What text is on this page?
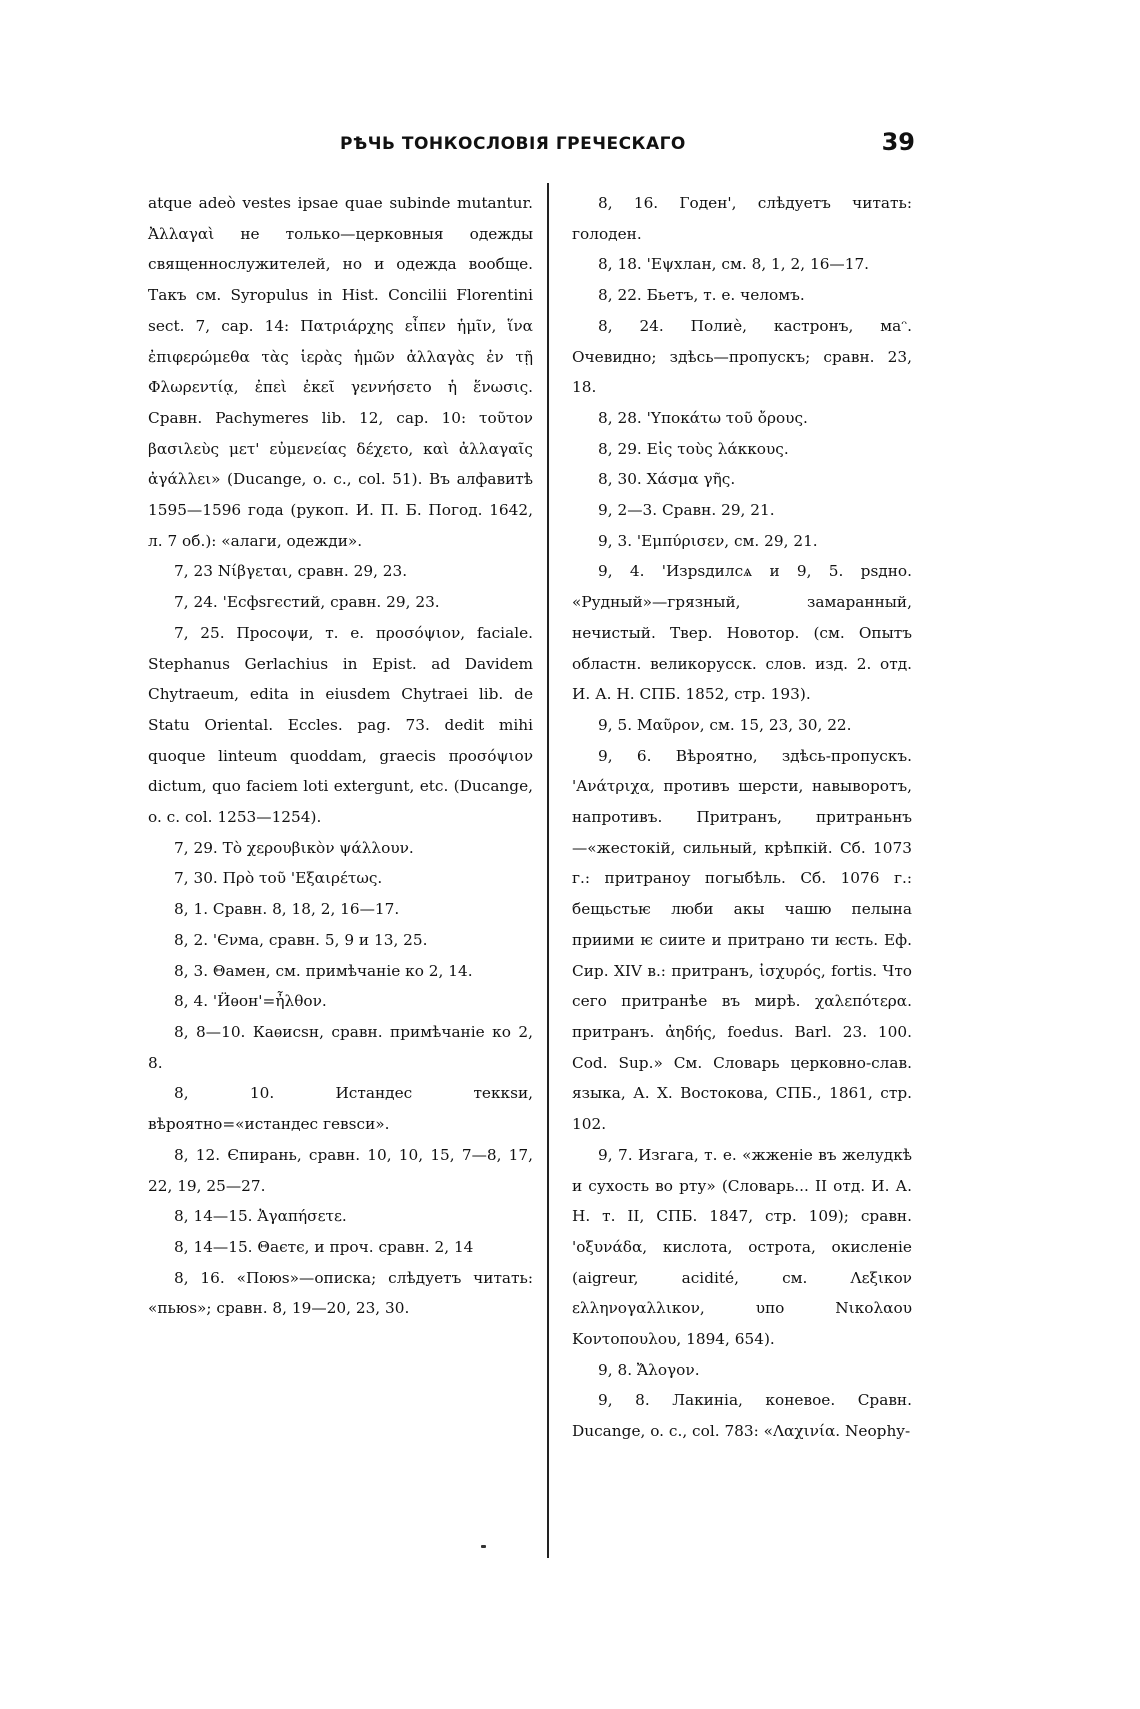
РѢЧЬ ТОНКОСЛОВІЯ ГРЕЧЕСКАГО	39

atque adeò vestes ipsae quae subinde mutantur. Ἀλλαγαὶ не только—церковныя одежды священнослужителей, но и одежда вообще. Такъ см. Syropulus in Hist. Concilii Florentini sect. 7, cap. 14: Πατριάρχης εἶπεν ἡμῖν, ἵνα ἐπιφερώμεθα τὰς ἱερὰς ἡμῶν ἀλλαγὰς ἐν τῇ Φλωρεντίᾳ, ἐπεὶ ἐκεῖ γεννήσετο ἡ ἕνωσις. Сравн. Pachymeres lib. 12, cap. 10: τοῦτον βασιλεὺς μετ' εὐμενείας δέχετο, καὶ ἀλλαγαῖς ἀγάλλει» (Ducange, o. c., col. 51). Въ алфавитѣ 1595—1596 года (рукоп. И. П. Б. Погод. 1642, л. 7 об.): «алаги, одежди».

7, 23 Νίβγεται, сравн. 29, 23.

7, 24. 'Есфѕгєстий, сравн. 29, 23.

7, 25. Просоψи, т. е. προσόψιον, faciale. Stephanus Gerlachius in Epist. ad Davidem Chytraeum, edita in eiusdem Chytraei lib. de Statu Oriental. Eccles. pag. 73. dedit mihi quoque linteum quoddam, graecis προσόψιον dictum, quo faciem loti extergunt, etc. (Ducange, o. c. col. 1253—1254).

7, 29. Τὸ χερουβικὸν ψάλλουν.

7, 30. Πρὸ τοῦ 'Εξαιρέτως.

8, 1. Сравн. 8, 18, 2, 16—17.

8, 2. 'Єνма, сравн. 5, 9 и 13, 25.

8, 3. Θамен, см. примѣчаніе ко 2, 14.

8, 4. 'Ӥѳон'=ἦλθον.

8, 8—10. Каѳисѕн, сравн. примѣчаніе ко 2, 8.

8, 10. Истандес теккѕи, вѣроятно=«истандес гевѕси».

8, 12. Єпирань, сравн. 10, 10, 15, 7—8, 17, 22, 19, 25—27.

8, 14—15. Ἀγαπήσετε.

8, 14—15. Θаєтє, и проч. сравн. 2, 14

8, 16. «Поюѕ»—описка; слѣдуетъ читать: «пьюѕ»; сравн. 8, 19—20, 23, 30.

8, 16. Годен', слѣдуетъ читать: голоден.

8, 18. 'Εψхлан, см. 8, 1, 2, 16—17.

8, 22. Бьетъ, т. е. челомъ.

8, 24. Полиѐ, кастронъ, маᵔ. Очевидно; здѣсь—пропускъ; сравн. 23, 18.

8, 28. 'Υποκάτω τοῦ ὄρους.

8, 29. Εἰς τοὺς λάκκους.

8, 30. Χάσμα γῆς.

9, 2—3. Сравн. 29, 21.

9, 3. 'Εμπύρισεν, см. 29, 21.

9, 4. 'Изрѕдилсѧ и 9, 5. рѕдно. «Рудный»—грязный, замаранный, нечистый. Твер. Новотор. (см. Опытъ областн. великорусск. слов. изд. 2. отд. И. А. Н. СПБ. 1852, стр. 193).

9, 5. Μαῦρον, см. 15, 23, 30, 22.

9, 6. Вѣроятно, здѣсь-пропускъ. 'Ανάτριχα, противъ шерсти, навыворотъ, напротивъ. Притранъ, притраньнъ—«жестокій, сильный, крѣпкій. Сб. 1073 г.: притраноу погыбѣль. Сб. 1076 г.: бещьстьѥ люби акы чашю пелына приими ѥ сиите и притрано ти ѥсть. Еф. Сир. XIV в.: притранъ, ἰσχυρός, fortis. Что сего притранѣе въ мирѣ. χαλεπότερα. притранъ. ἀηδής, foedus. Barl. 23. 100. Cod. Sup.» См. Словарь церковно-слав. языка, А. Х. Востокова, СПБ., 1861, стр. 102.

9, 7. Изгага, т. е. «жженіе въ желудкѣ и сухость во рту» (Словарь... II отд. И. А. Н. т. II, СПБ. 1847, стр. 109); сравн. 'οξυνάδα, кислота, острота, окисленіе (aigreur, acidité, см. Λεξικον ελληνογαλλικον, υπο Νικολαου Κοντοπουλου, 1894, 654).

9, 8. Ἄλογον.

9, 8. Лакиніа, коневое. Сравн. Ducange, o. c., col. 783: «Λαχινία. Neophy-
